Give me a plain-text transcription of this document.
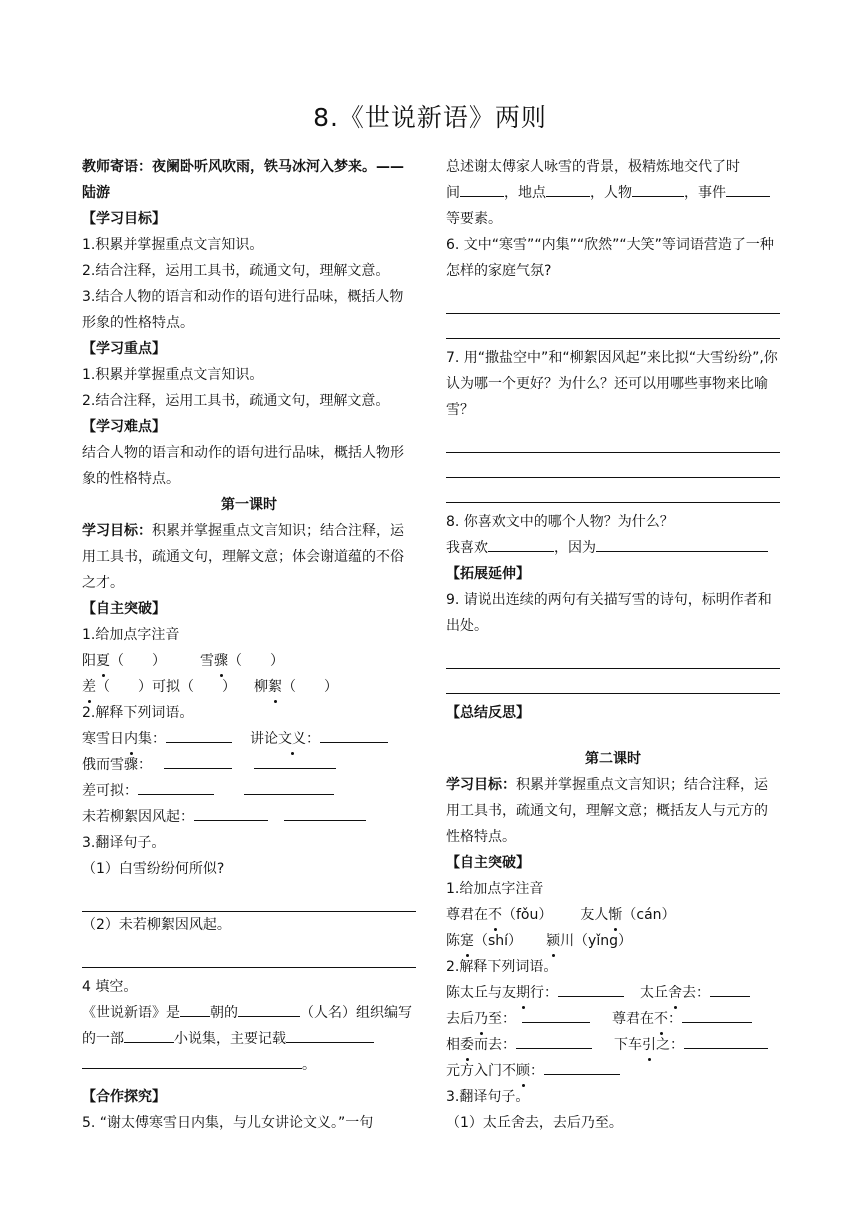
8.《世说新语》两则

教师寄语：夜阑卧听风吹雨，铁马冰河入梦来。——陆游

【学习目标】

1.积累并掌握重点文言知识。

2.结合注释，运用工具书，疏通文句，理解文意。

3.结合人物的语言和动作的语句进行品味，概括人物形象的性格特点。

【学习重点】

1.积累并掌握重点文言知识。

2.结合注释，运用工具书，疏通文句，理解文意。

【学习难点】

结合人物的语言和动作的语句进行品味，概括人物形象的性格特点。

第一课时

学习目标：积累并掌握重点文言知识；结合注释，运用工具书，疏通文句，理解文意；体会谢道蕴的不俗之才。

【自主突破】

1.给加点字注音

阳夏（　　） 雪骤（　　）

差（　　）可拟（　　） 柳絮（　　）

2.解释下列词语。

寒雪日内集：	讲论文义：

俄而雪骤：

差可拟：

未若柳絮因风起：

3.翻译句子。

（1）白雪纷纷何所似?

（2）未若柳絮因风起。

4 填空。

《世说新语》是 朝的	（人名）组织编写的一部	小说集，主要记载

。

【合作探究】

5. “谢太傅寒雪日内集，与儿女讲论文义。”一句

总述谢太傅家人咏雪的背景，极精炼地交代了时

间	，地点	，人物	，事件

等要素。

6. 文中“寒雪”“内集”“欣然”“大笑”等词语营造了一种怎样的家庭气氛?

7. 用“撒盐空中”和“柳絮因风起”来比拟“大雪纷纷”,你认为哪一个更好？为什么？还可以用哪些事物来比喻雪？

8. 你喜欢文中的哪个人物？为什么？

我喜欢	，因为

【拓展延伸】

9. 请说出连续的两句有关描写雪的诗句，标明作者和出处。

【总结反思】

第二课时

学习目标：积累并掌握重点文言知识；结合注释，运用工具书，疏通文句，理解文意；概括友人与元方的性格特点。

【自主突破】

1.给加点字注音

尊君在不（fǒu） 友人惭（cán）

陈寔（shí） 颍川（yǐng）

2.解释下列词语。

陈太丘与友期行：	太丘舍去：

去后乃至：	尊君在不：

相委而去：	下车引之：

元方入门不顾：

3.翻译句子。

（1）太丘舍去，去后乃至。
